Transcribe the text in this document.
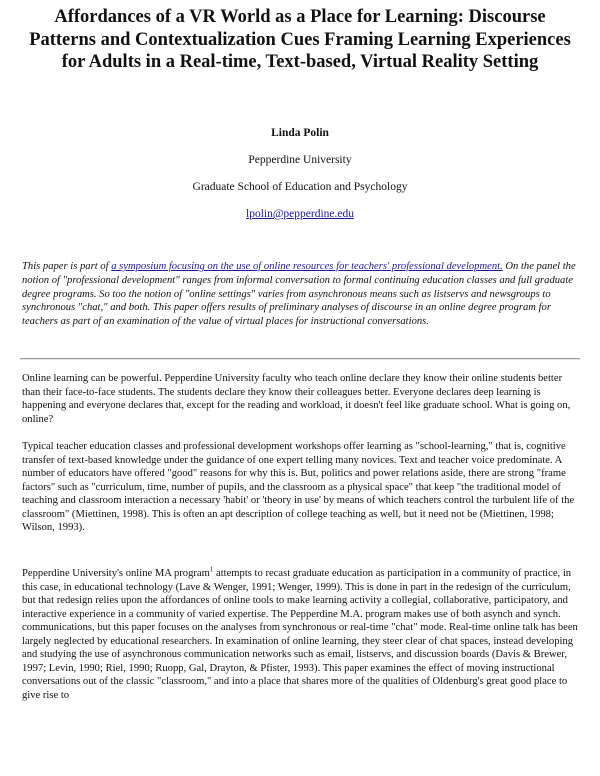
Affordances of a VR World as a Place for Learning: Discourse Patterns and Contextualization Cues Framing Learning Experiences for Adults in a Real-time, Text-based, Virtual Reality Setting
Linda Polin
Pepperdine University
Graduate School of Education and Psychology
lpolin@pepperdine.edu
This paper is part of a symposium focusing on the use of online resources for teachers' professional development. On the panel the notion of "professional development" ranges from informal conversation to formal continuing education classes and full graduate degree programs. So too the notion of "online settings" varies from asynchronous means such as listservs and newsgroups to synchronous "chat," and both. This paper offers results of preliminary analyses of discourse in an online degree program for teachers as part of an examination of the value of virtual places for instructional conversations.
Online learning can be powerful. Pepperdine University faculty who teach online declare they know their online students better than their face-to-face students. The students declare they know their colleagues better. Everyone declares deep learning is happening and everyone declares that, except for the reading and workload, it doesn't feel like graduate school. What is going on, online?
Typical teacher education classes and professional development workshops offer learning as "school-learning," that is, cognitive transfer of text-based knowledge under the guidance of one expert telling many novices. Text and teacher voice predominate. A number of educators have offered "good" reasons for why this is. But, politics and power relations aside, there are strong "frame factors" such as "curriculum, time, number of pupils, and the classroom as a physical space" that keep "the traditional model of teaching and classroom interaction a necessary 'habit' or 'theory in use' by means of which teachers control the turbulent life of the classroom" (Miettinen, 1998). This is often an apt description of college teaching as well, but it need not be (Miettinen, 1998; Wilson, 1993).
Pepperdine University's online MA program$^1$ attempts to recast graduate education as participation in a community of practice, in this case, in educational technology (Lave & Wenger, 1991; Wenger, 1999). This is done in part in the redesign of the curriculum, but that redesign relies upon the affordances of online tools to make learning activity a collegial, collaborative, participatory, and interactive experience in a community of varied expertise. The Pepperdine M.A. program makes use of both asynch and synch. communications, but this paper focuses on the analyses from synchronous or real-time "chat" mode. Real-time online talk has been largely neglected by educational researchers. In examination of online learning, they steer clear of chat spaces, instead developing and studying the use of asynchronous communication networks such as email, listservs, and discussion boards (Davis & Brewer, 1997; Levin, 1990; Riel, 1990; Ruopp, Gal, Drayton, & Pfister, 1993). This paper examines the effect of moving instructional conversations out of the classic "classroom," and into a place that shares more of the qualities of Oldenburg's great good place to give rise to
